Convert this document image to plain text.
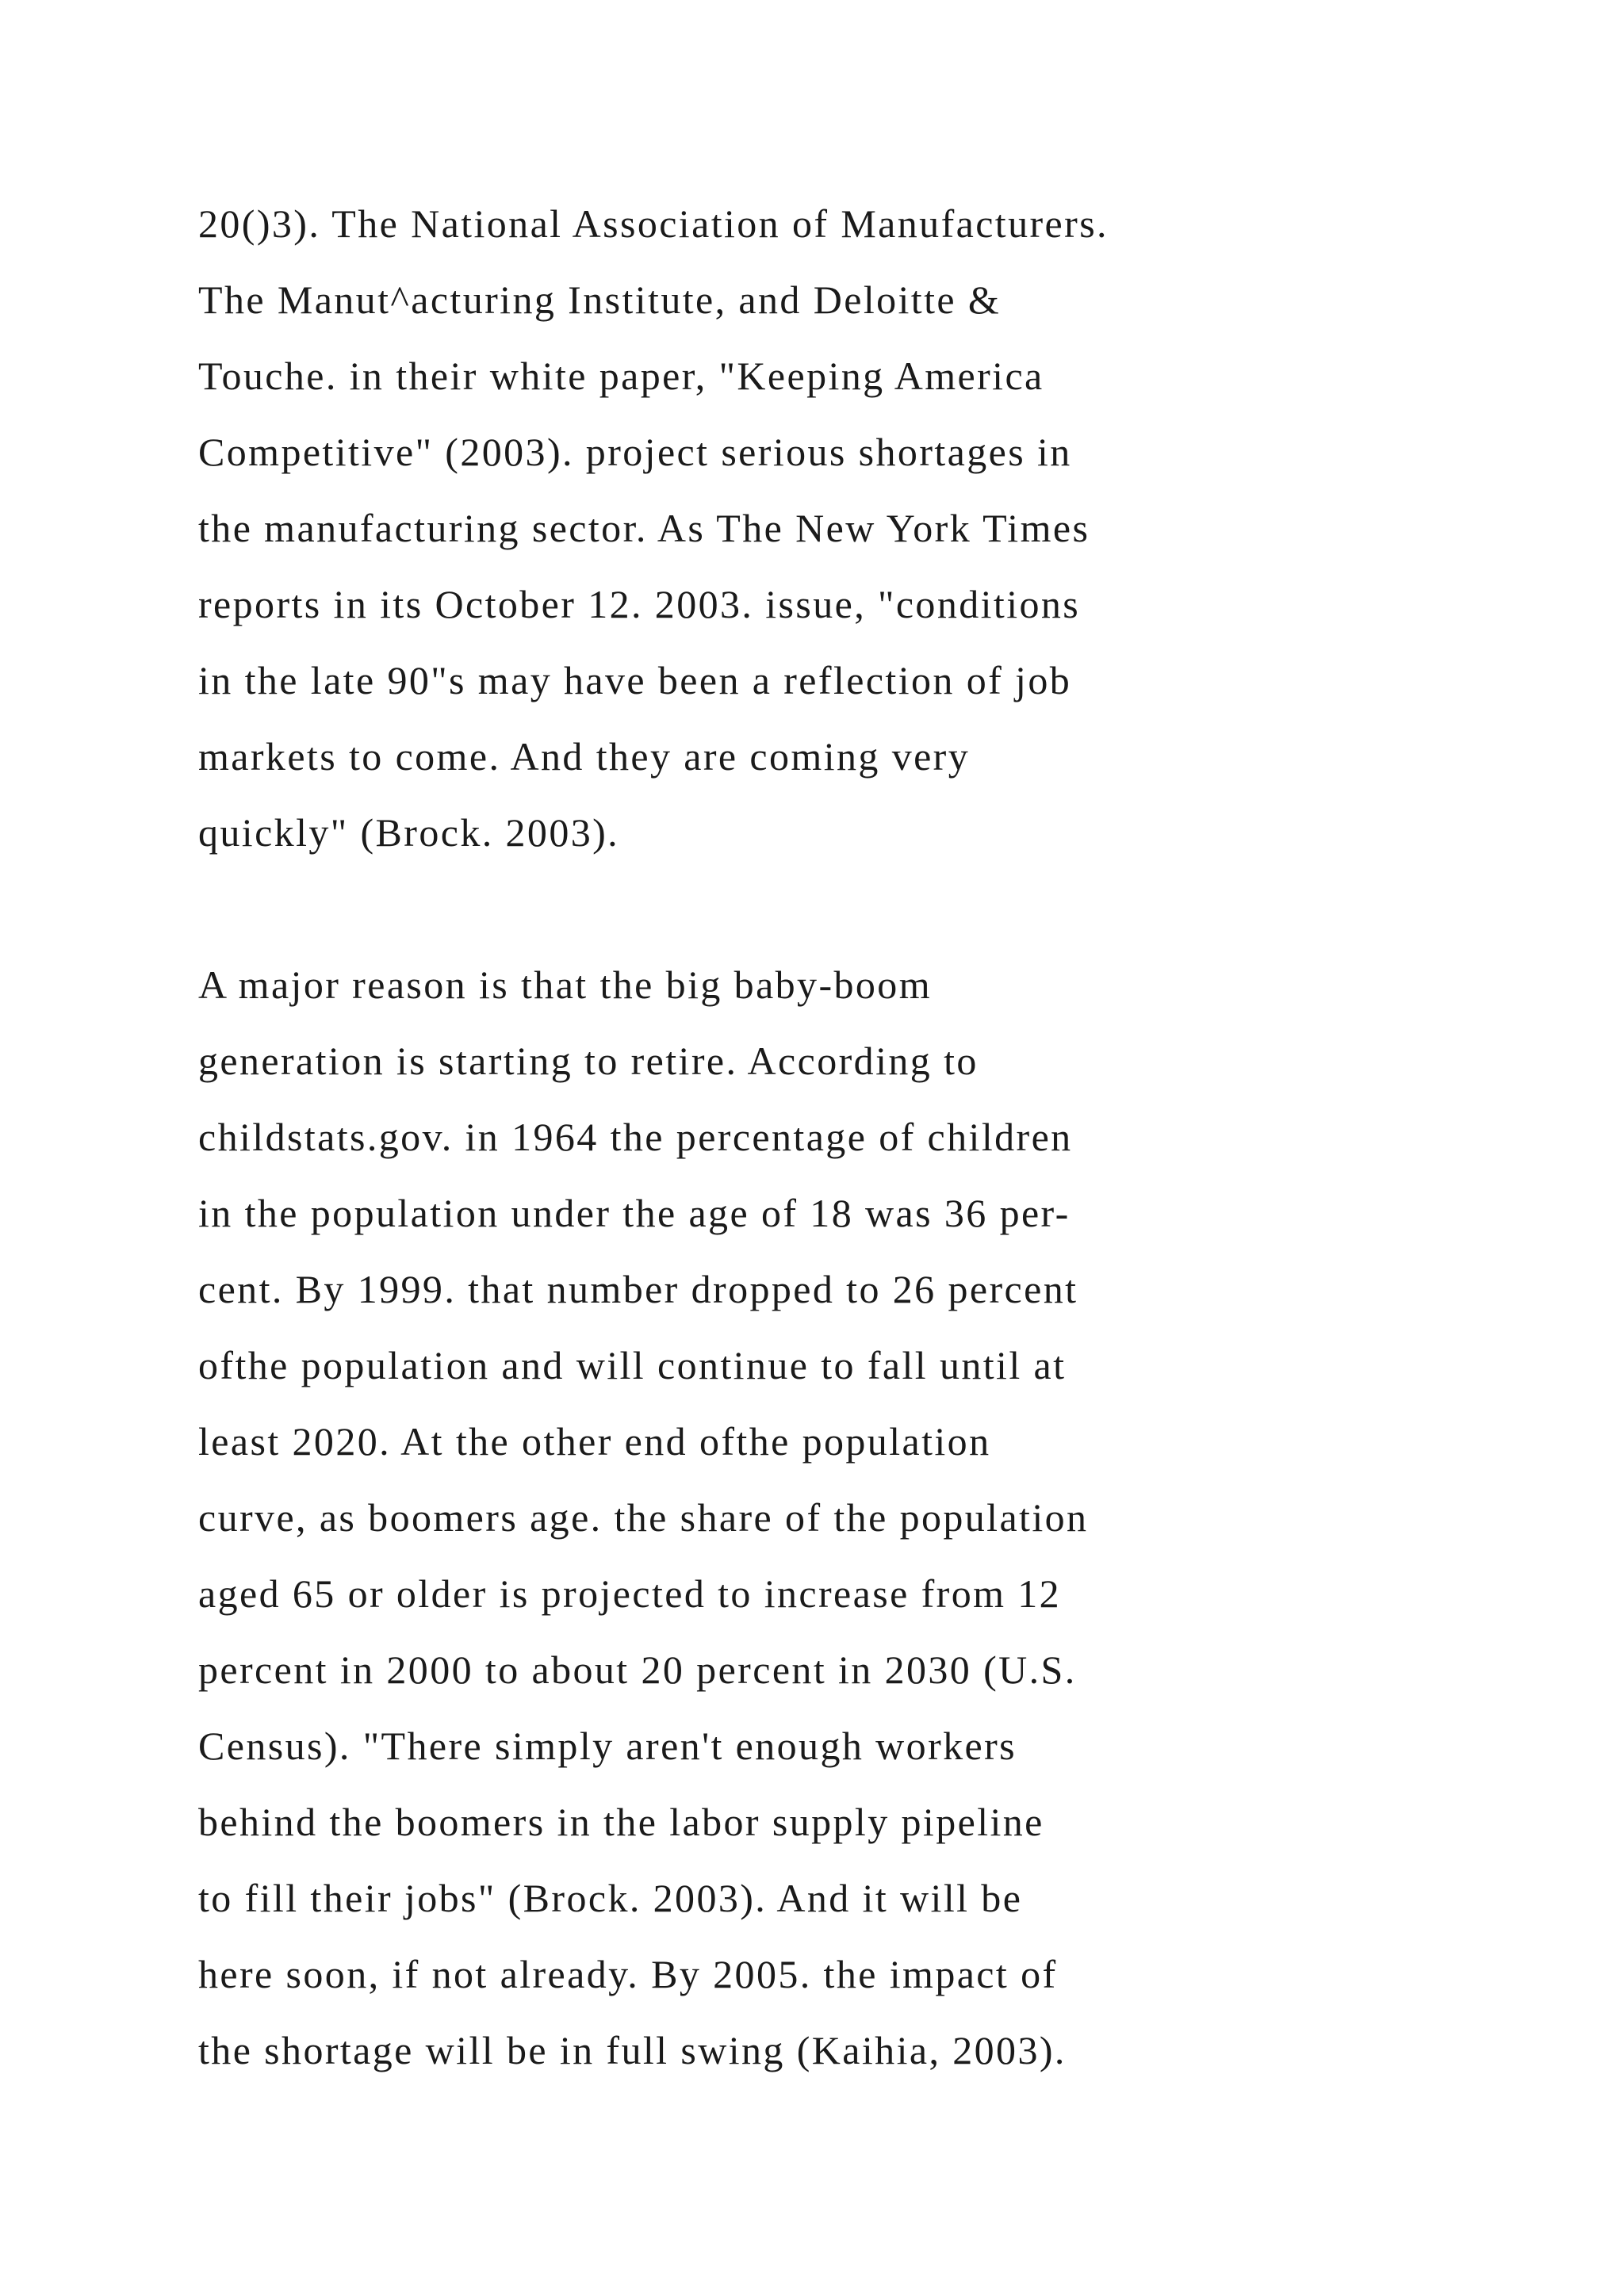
20()3). The National Association of Manufacturers.
The Manut^acturing Institute, and Deloitte &
Touche. in their white paper, "Keeping America
Competitive" (2003). project serious shortages in
the manufacturing sector. As The New York Times
reports in its October 12. 2003. issue, "conditions
in the late 90"s may have been a reflection of job
markets to come. And they are coming very
quickly" (Brock. 2003).
A major reason is that the big baby-boom
generation is starting to retire. According to
childstats.gov. in 1964 the percentage of children
in the population under the age of 18 was 36 per-
cent. By 1999. that number dropped to 26 percent
ofthe population and will continue to fall until at
least 2020. At the other end ofthe population
curve, as boomers age. the share of the population
aged 65 or older is projected to increase from 12
percent in 2000 to about 20 percent in 2030 (U.S.
Census). "There simply aren't enough workers
behind the boomers in the labor supply pipeline
to fill their jobs" (Brock. 2003). And it will be
here soon, if not already. By 2005. the impact of
the shortage will be in full swing (Kaihia, 2003).
